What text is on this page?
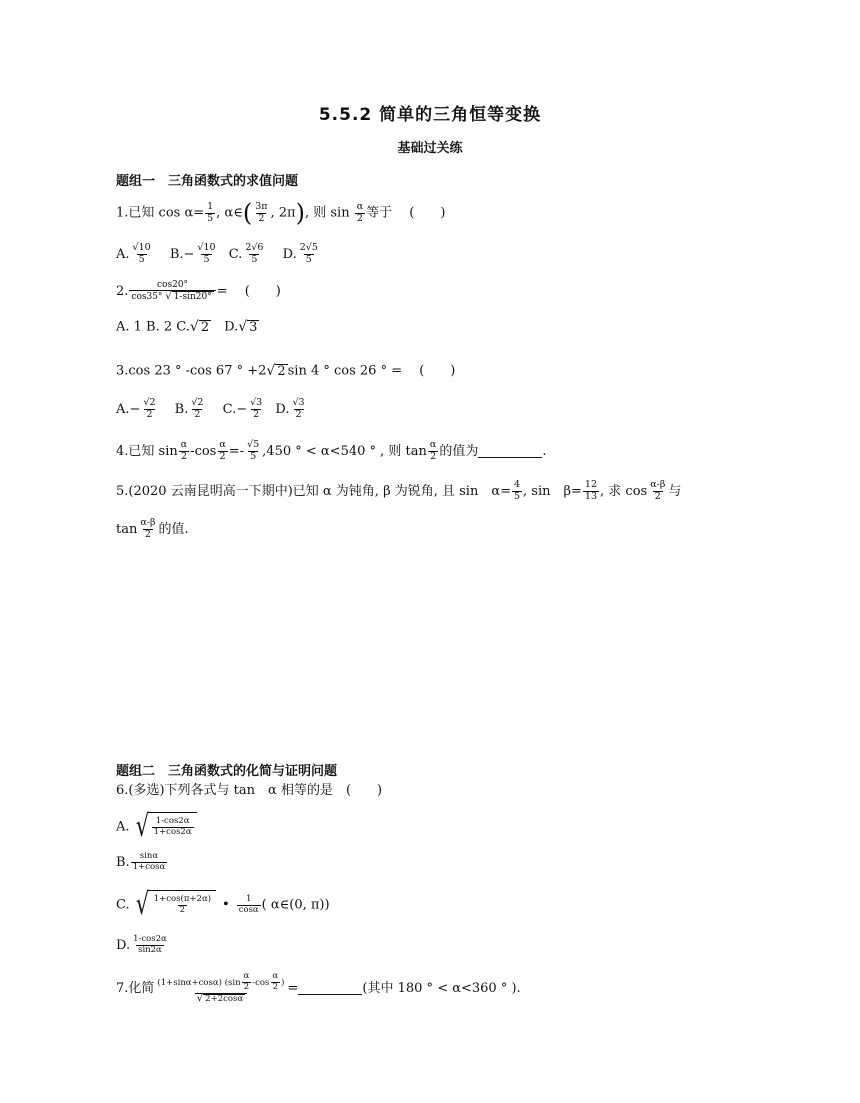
5.5.2 简单的三角恒等变换
基础过关练
题组一　三角函数式的求值问题
1.已知 $\cos \alpha= \frac{1}{5}$ , α∈( $\frac{3\pi}{2}$ , 2π), 则 $\sin \frac{\alpha}{2}$ 等于　 (　　)
A. $\frac{√10}{5} B.- \frac{√10}{5} C$. $\frac{2√6}{5} D$. $\frac{2√5}{5}$
2. $\frac{\cos 20^\circ}{\cos 35^\circ √ 1-\sin 20^\circ}$ =　 (　　)
A. 1 B. 2 C. √ 2 　D. √ 3
3.cos 23 ° -cos 67 ° +2 √ 2 sin 4 ° cos 26 ° = 　(　　)
$A.- \frac{√2}{2} B$. $\frac{√2}{2} C.- \frac{√3}{2} D$. $\frac{√3}{2}$
4.已知 $\sin \frac{\alpha}{2} -\cos \frac{\alpha}{2} =- \frac{√5}{5} ,450$ ° < α<540 ° , 则 $\tan \frac{\alpha}{2}$ 的值为	.
5.(2020 云南昆明高一下期中)已知 α 为钝角, β 为锐角, 且 sin　$\alpha= \frac{4}{5}$ , sin　$\beta= \frac{12}{13}$ , 求 $\cos \frac{\alpha-\beta}{2}$ 与
$\tan \frac{\alpha-\beta}{2}$ 的值.
题组二　三角函数式的化简与证明问题
6.(多选)下列各式与 tan　α 相等的是　(　　)
A. √ $\frac{1-\cos 2\alpha}{1+\cos 2\alpha}$
B. $\frac{\sin\alpha}{1+\cos\alpha}$
C. √ $\frac{1+\cos(\pi+2\alpha)}{2}$ • $\frac{1}{\cos\alpha}$ ( α∈(0, π))
D. $\frac{1-\cos 2\alpha}{\sin 2\alpha}$
7.化简 $\frac{(1+\sin\alpha+\cos\alpha) (\sin \frac{\alpha}{2} -\cos \frac{\alpha}{2} )}{√ 2+2\cos\alpha}$ =	(其中 180 ° < α<360 ° ).
